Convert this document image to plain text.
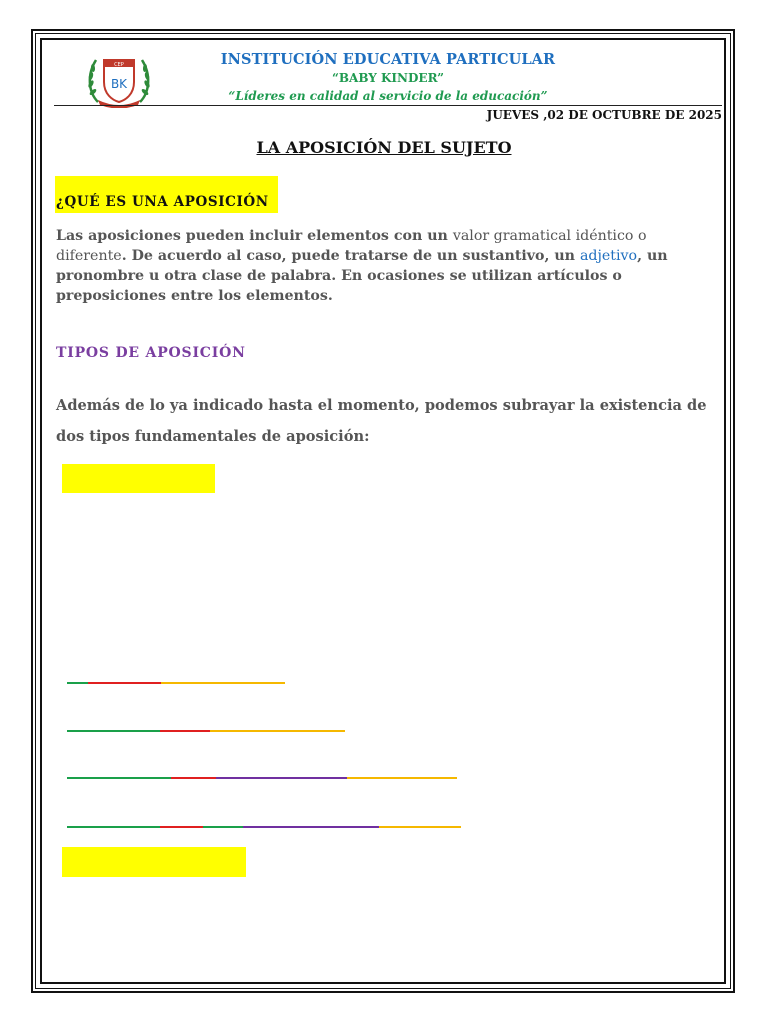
CEP
BK
INSTITUCIÓN EDUCATIVA PARTICULAR
“BABY KINDER”
“Líderes en calidad al servicio de la educación”
JUEVES ,02 DE OCTUBRE DE 2025
LA APOSICIÓN DEL SUJETO
¿QUÉ ES UNA APOSICIÓN
Las aposiciones pueden incluir elementos con un valor gramatical idéntico o diferente. De acuerdo al caso, puede tratarse de un sustantivo, un adjetivo, un pronombre u otra clase de palabra. En ocasiones se utilizan artículos o preposiciones entre los elementos.
TIPOS DE APOSICIÓN
Además de lo ya indicado hasta el momento, podemos subrayar la existencia de dos tipos fundamentales de aposición:
